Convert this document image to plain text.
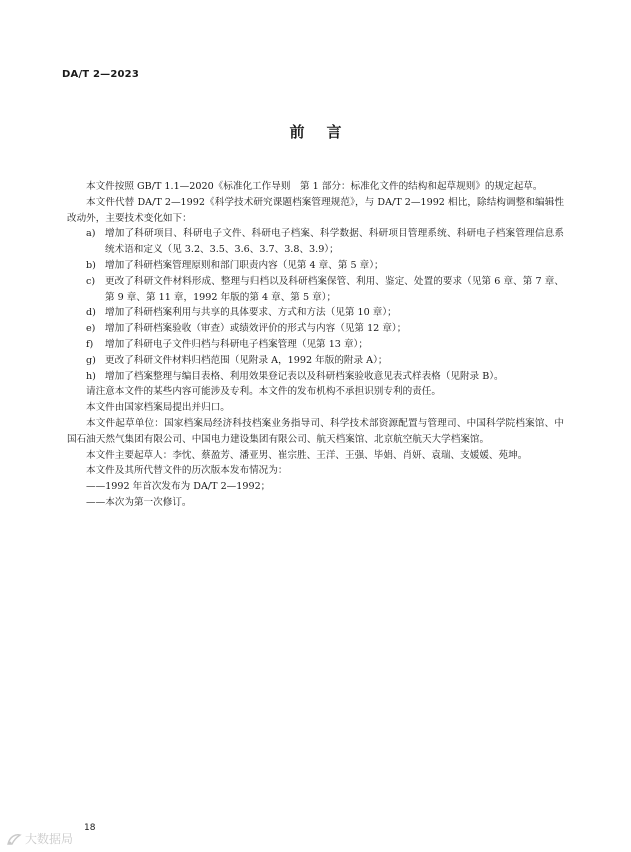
DA/T 2—2023
前言

本文件按照 GB/T 1.1—2020《标准化工作导则　第 1 部分：标准化文件的结构和起草规则》的规定起草。

本文件代替 DA/T 2—1992《科学技术研究课题档案管理规范》，与 DA/T 2—1992 相比，除结构调整和编辑性改动外，主要技术变化如下：

a) 增加了科研项目、科研电子文件、科研电子档案、科学数据、科研项目管理系统、科研电子档案管理信息系统术语和定义（见 3.2、3.5、3.6、3.7、3.8、3.9）；
b) 增加了科研档案管理原则和部门职责内容（见第 4 章、第 5 章）；
c)	更改了科研文件材料形成、整理与归档以及科研档案保管、利用、鉴定、处置的要求（见第 6 章、第 7 章、第 9 章、第 11 章，1992 年版的第 4 章、第 5 章）；
d) 增加了科研档案利用与共享的具体要求、方式和方法（见第 10 章）；
e) 增加了科研档案验收（审查）或绩效评价的形式与内容（见第 12 章）；
f)	增加了科研电子文件归档与科研电子档案管理（见第 13 章）；
g) 更改了科研文件材料归档范围（见附录 A，1992 年版的附录 A）；
h) 增加了档案整理与编目表格、利用效果登记表以及科研档案验收意见表式样表格（见附录 B）。

请注意本文件的某些内容可能涉及专利。本文件的发布机构不承担识别专利的责任。

本文件由国家档案局提出并归口。

本文件起草单位：国家档案局经济科技档案业务指导司、科学技术部资源配置与管理司、中国科学院档案馆、中国石油天然气集团有限公司、中国电力建设集团有限公司、航天档案馆、北京航空航天大学档案馆。

本文件主要起草人：李忱、蔡盈芳、潘亚男、崔宗胜、王洋、王强、毕娟、肖妍、袁瑞、支媛媛、苑坤。

本文件及其所代替文件的历次版本发布情况为：

——1992 年首次发布为 DA/T 2—1992；

——本次为第一次修订。

18
大数据局
